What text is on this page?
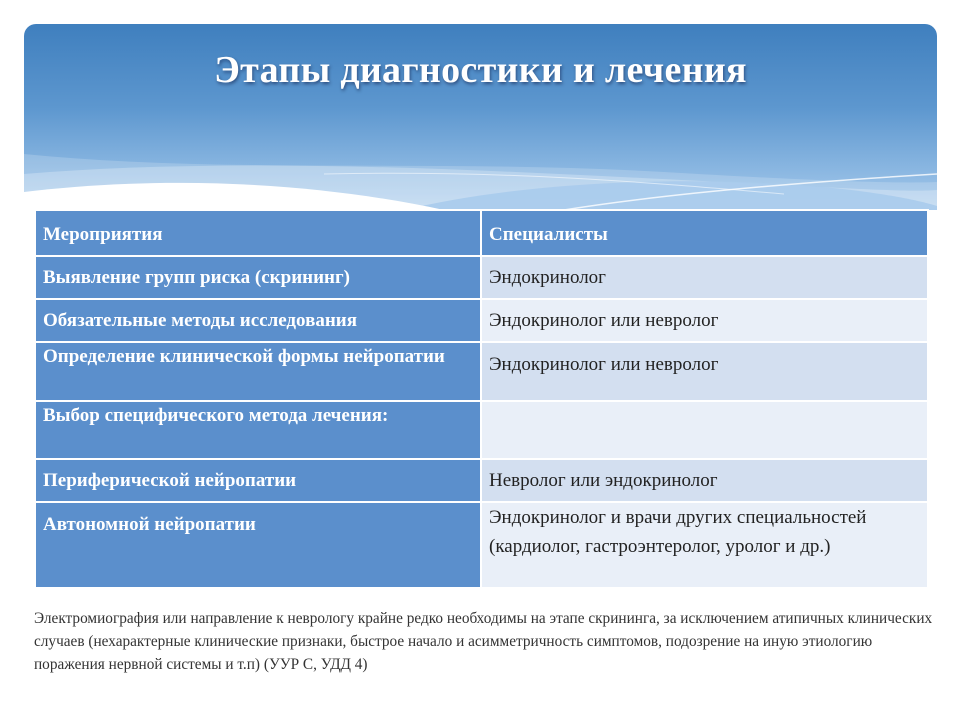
Этапы диагностики и лечения
Мероприятия	Специалисты
Выявление групп риска (скрининг)	Эндокринолог
Обязательные методы исследования	Эндокринолог или невролог
Определение клинической формы нейропатии	Эндокринолог или невролог
Выбор специфического метода лечения:	
Периферической нейропатии	Невролог или эндокринолог
Автономной нейропатии	Эндокринолог и врачи других специальностей (кардиолог, гастроэнтеролог, уролог и др.)
Электромиография или направление к неврологу крайне редко необходимы на этапе скрининга, за исключением атипичных клинических случаев (нехарактерные клинические признаки, быстрое начало и асимметричность симптомов, подозрение на иную этиологию поражения нервной системы и т.п) (УУР С, УДД 4)
